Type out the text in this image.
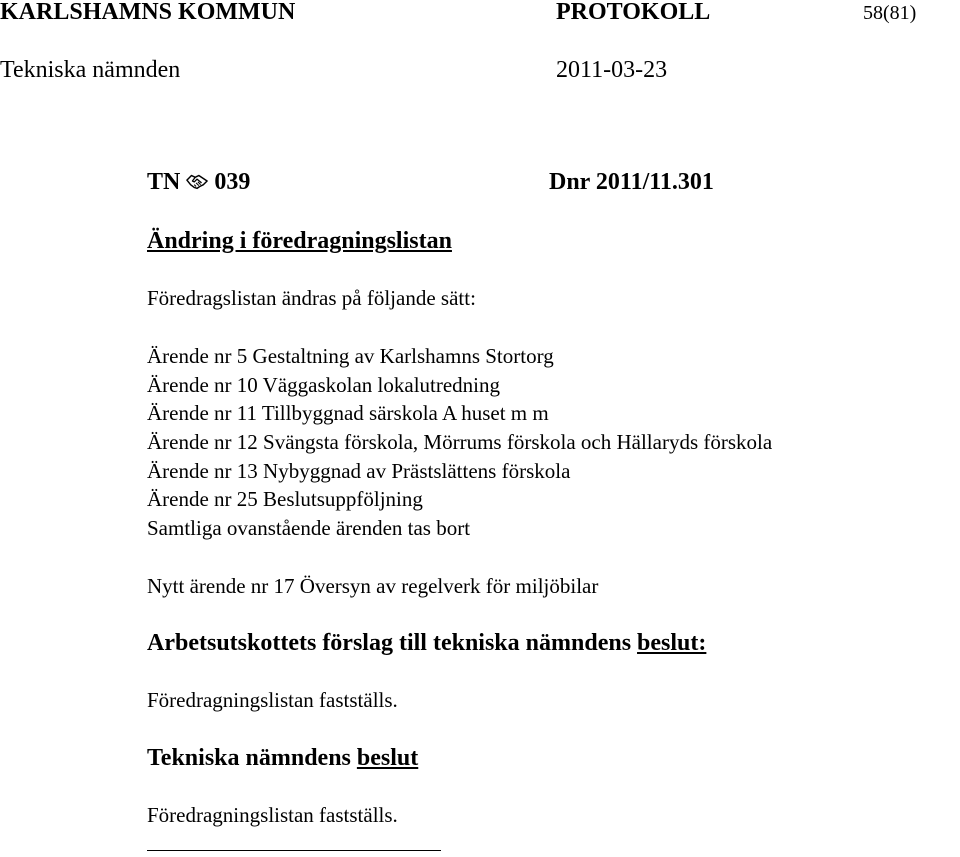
KARLSHAMNS KOMMUN	PROTOKOLL	58(81)
Tekniska nämnden	2011-03-23
TN 039	Dnr 2011/11.301
Ändring i föredragningslistan
Föredragslistan ändras på följande sätt:
Ärende nr 5 Gestaltning av Karlshamns Stortorg
Ärende nr 10 Väggaskolan lokalutredning
Ärende nr 11 Tillbyggnad särskola A huset m m
Ärende nr 12 Svängsta förskola, Mörrums förskola och Hällaryds förskola
Ärende nr 13 Nybyggnad av Prästslättens förskola
Ärende nr 25 Beslutsuppföljning
Samtliga ovanstående ärenden tas bort
Nytt ärende nr 17 Översyn av regelverk för miljöbilar
Arbetsutskottets förslag till tekniska nämndens beslut:
Föredragningslistan fastställs.
Tekniska nämndens beslut
Föredragningslistan fastställs.
